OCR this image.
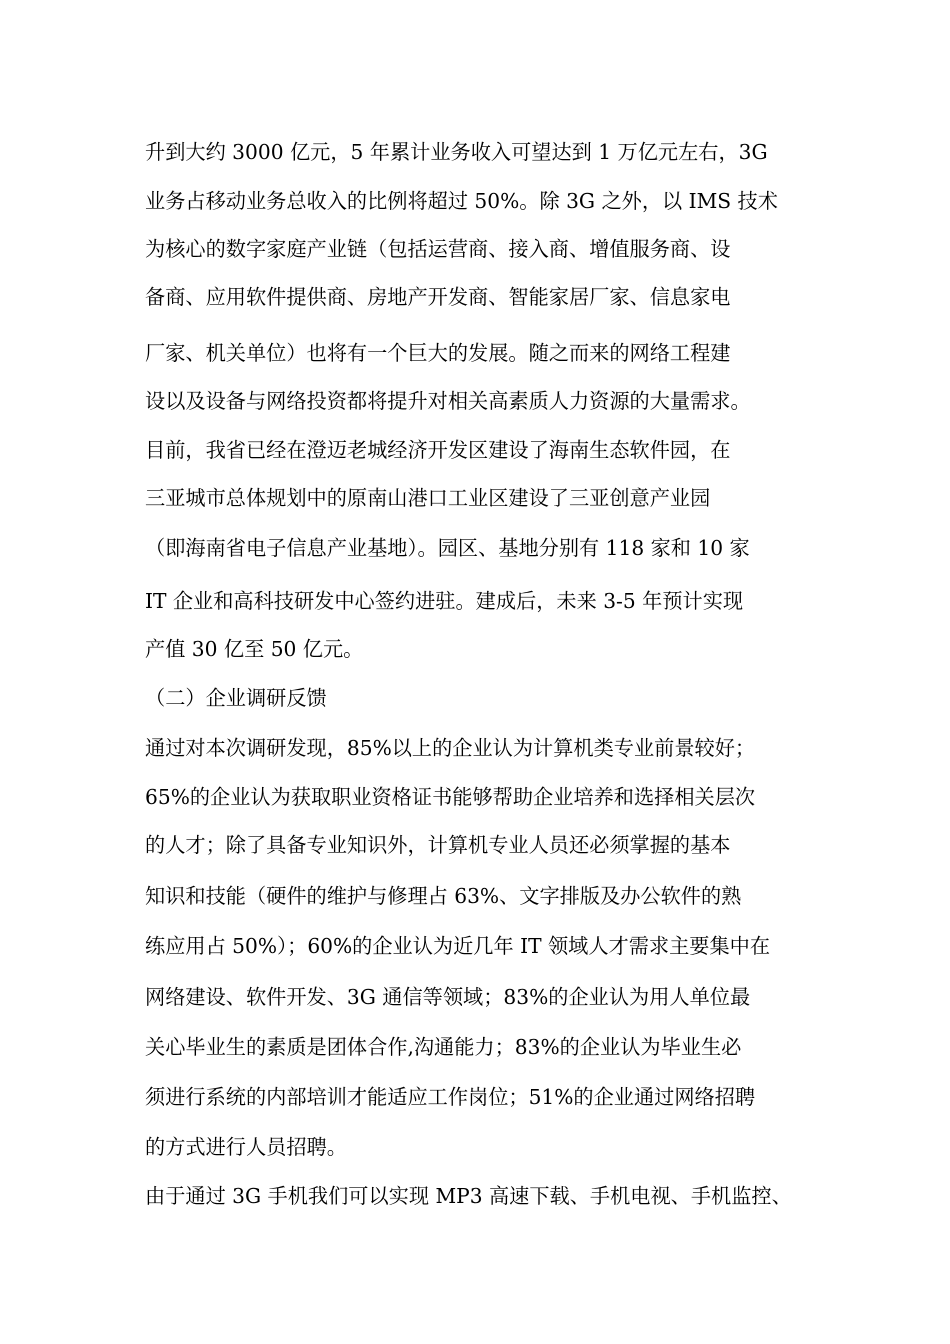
升到大约 3000 亿元，5 年累计业务收入可望达到 1 万亿元左右，3G
业务占移动业务总收入的比例将超过 50%。除 3G 之外，以 IMS 技术
为核心的数字家庭产业链（包括运营商、接入商、增值服务商、设
备商、应用软件提供商、房地产开发商、智能家居厂家、信息家电
厂家、机关单位）也将有一个巨大的发展。随之而来的网络工程建
设以及设备与网络投资都将提升对相关高素质人力资源的大量需求。
目前，我省已经在澄迈老城经济开发区建设了海南生态软件园，在
三亚城市总体规划中的原南山港口工业区建设了三亚创意产业园
（即海南省电子信息产业基地）。园区、基地分别有 118 家和 10 家
IT 企业和高科技研发中心签约进驻。建成后，未来 3-5 年预计实现
产值 30 亿至 50 亿元。
（二）企业调研反馈
通过对本次调研发现，85%以上的企业认为计算机类专业前景较好；
65%的企业认为获取职业资格证书能够帮助企业培养和选择相关层次
的人才；除了具备专业知识外，计算机专业人员还必须掌握的基本
知识和技能（硬件的维护与修理占 63%、文字排版及办公软件的熟
练应用占 50%）；60%的企业认为近几年 IT 领域人才需求主要集中在
网络建设、软件开发、3G 通信等领域；83%的企业认为用人单位最
关心毕业生的素质是团体合作,沟通能力；83%的企业认为毕业生必
须进行系统的内部培训才能适应工作岗位；51%的企业通过网络招聘
的方式进行人员招聘。
由于通过 3G 手机我们可以实现 MP3 高速下载、手机电视、手机监控、
